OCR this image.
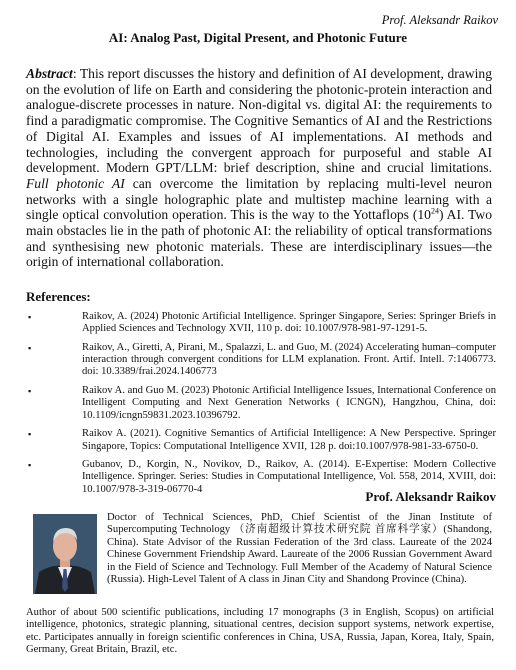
Prof. Aleksandr Raikov
AI: Analog Past, Digital Present, and Photonic Future

Abstract: This report discusses the history and definition of AI development, drawing on the evolution of life on Earth and considering the photonic-protein interaction and analogue-discrete processes in nature. Non-digital vs. digital AI: the requirements to find a paradigmatic compromise. The Cognitive Semantics of AI and the Restrictions of Digital AI. Examples and issues of AI implementations. AI methods and technologies, including the convergent approach for purposeful and stable AI development. Modern GPT/LLM: brief description, shine and crucial limitations. Full photonic AI can overcome the limitation by replacing multi-level neuron networks with a single holographic plate and multistep machine learning with a single optical convolution operation. This is the way to the Yottaflops $(10^{24})$ AI. Two main obstacles lie in the path of photonic AI: the reliability of optical transformations and synthesising new photonic materials. These are interdisciplinary issues—the origin of international collaboration.

References:
▪	Raikov, A. (2024) Photonic Artificial Intelligence. Springer Singapore, Series: Springer Briefs in Applied Sciences and Technology XVII, 110 p. doi: 10.1007/978-981-97-1291-5.
▪	Raikov, A., Giretti, A, Pirani, M., Spalazzi, L. and Guo, M. (2024) Accelerating human–computer interaction through convergent conditions for LLM explanation. Front. Artif. Intell. 7:1406773. doi: 10.3389/frai.2024.1406773
▪	Raikov A. and Guo M. (2023) Photonic Artificial Intelligence Issues, International Conference on Intelligent Computing and Next Generation Networks ( ICNGN), Hangzhou, China, doi: 10.1109/icngn59831.2023.10396792.
▪	Raikov A. (2021). Cognitive Semantics of Artificial Intelligence: A New Perspective. Springer Singapore, Topics: Computational Intelligence XVII, 128 p. doi:10.1007/978-981-33-6750-0.
▪	Gubanov, D., Korgin, N., Novikov, D., Raikov, A. (2014). E-Expertise: Modern Collective Intelligence. Springer. Series: Studies in Computational Intelligence, Vol. 558, 2014, XVIII, doi: 10.1007/978-3-319-06770-4	Prof. Aleksandr Raikov

Doctor of Technical Sciences, PhD, Chief Scientist of the Jinan Institute of Supercomputing Technology （济南超级计算技术研究院 首席科学家）(Shandong, China). State Advisor of the Russian Federation of the 3rd class. Laureate of the 2024 Chinese Government Friendship Award. Laureate of the 2006 Russian Government Award in the Field of Science and Technology. Full Member of the Academy of Natural Science (Russia). High-Level Talent of A class in Jinan City and Shandong Province (China).

Author of about 500 scientific publications, including 17 monographs (3 in English, Scopus) on artificial intelligence, photonics, strategic planning, situational centres, decision support systems, network expertise, etc. Participates annually in foreign scientific conferences in China, USA, Russia, Japan, Korea, Italy, Spain, Germany, Great Britain, Brazil, etc.
